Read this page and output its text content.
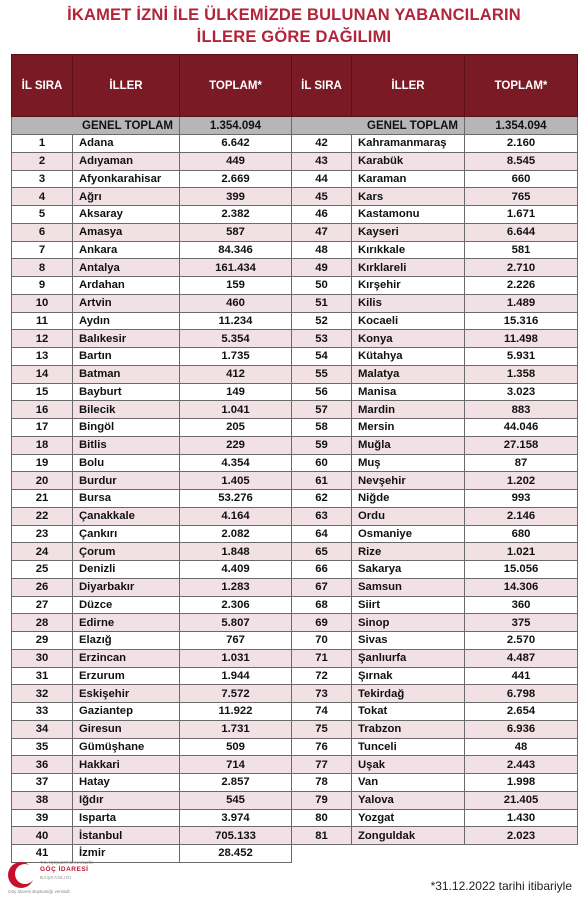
İKAMET İZNİ İLE ÜLKEMİZDE BULUNAN YABANCILARIN
İLLERE GÖRE DAĞILIMI
İL SIRA	İLLER	TOPLAM*	İL SIRA	İLLER	TOPLAM*
GENEL TOPLAM		1.354.094	GENEL TOPLAM		1.354.094
1	Adana	6.642	42	Kahramanmaraş	2.160
2	Adıyaman	449	43	Karabük	8.545
3	Afyonkarahisar	2.669	44	Karaman	660
4	Ağrı	399	45	Kars	765
5	Aksaray	2.382	46	Kastamonu	1.671
6	Amasya	587	47	Kayseri	6.644
7	Ankara	84.346	48	Kırıkkale	581
8	Antalya	161.434	49	Kırklareli	2.710
9	Ardahan	159	50	Kırşehir	2.226
10	Artvin	460	51	Kilis	1.489
11	Aydın	11.234	52	Kocaeli	15.316
12	Balıkesir	5.354	53	Konya	11.498
13	Bartın	1.735	54	Kütahya	5.931
14	Batman	412	55	Malatya	1.358
15	Bayburt	149	56	Manisa	3.023
16	Bilecik	1.041	57	Mardin	883
17	Bingöl	205	58	Mersin	44.046
18	Bitlis	229	59	Muğla	27.158
19	Bolu	4.354	60	Muş	87
20	Burdur	1.405	61	Nevşehir	1.202
21	Bursa	53.276	62	Niğde	993
22	Çanakkale	4.164	63	Ordu	2.146
23	Çankırı	2.082	64	Osmaniye	680
24	Çorum	1.848	65	Rize	1.021
25	Denizli	4.409	66	Sakarya	15.056
26	Diyarbakır	1.283	67	Samsun	14.306
27	Düzce	2.306	68	Siirt	360
28	Edirne	5.807	69	Sinop	375
29	Elazığ	767	70	Sivas	2.570
30	Erzincan	1.031	71	Şanlıurfa	4.487
31	Erzurum	1.944	72	Şırnak	441
32	Eskişehir	7.572	73	Tekirdağ	6.798
33	Gaziantep	11.922	74	Tokat	2.654
34	Giresun	1.731	75	Trabzon	6.936
35	Gümüşhane	509	76	Tunceli	48
36	Hakkari	714	77	Uşak	2.443
37	Hatay	2.857	78	Van	1.998
38	Iğdır	545	79	Yalova	21.405
39	Isparta	3.974	80	Yozgat	1.430
40	İstanbul	705.133	81	Zonguldak	2.023
41	İzmir	28.452			
T.C. İÇİŞLERİ BAKANLIĞI
GÖÇ İDARESİ
BAŞKANLIĞI
Göç İdaresi Başkanlığı verisidir.	*31.12.2022 tarihi itibariyle
